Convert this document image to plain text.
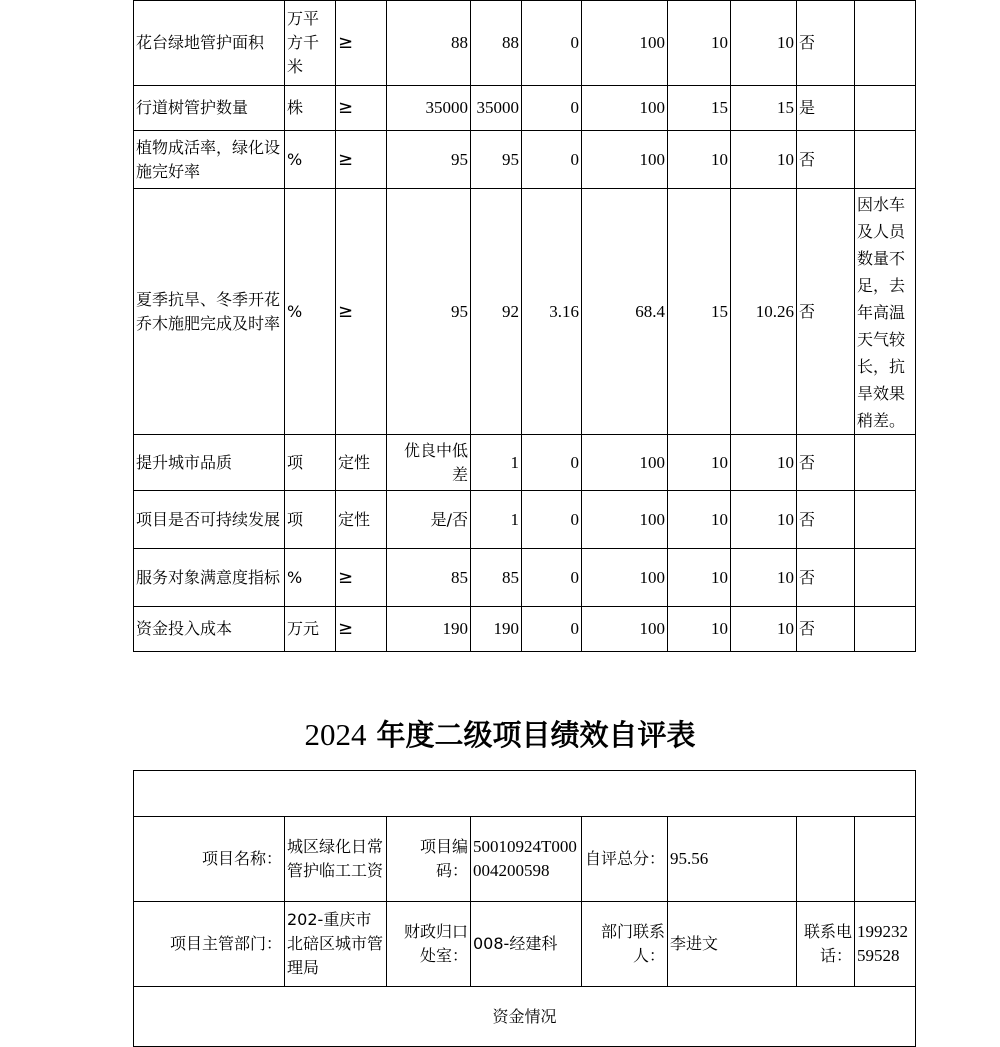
花台绿地管护面积	万平方千米	≥	88	88	0	100	10	10	否	
行道树管护数量	株	≥	35000	35000	0	100	15	15	是	
植物成活率，绿化设施完好率	%	≥	95	95	0	100	10	10	否	
夏季抗旱、冬季开花乔木施肥完成及时率	%	≥	95	92	3.16	68.4	15	10.26	否	因水车及人员数量不足，去年高温天气较长，抗旱效果稍差。
提升城市品质	项	定性	优良中低差	1	0	100	10	10	否	
项目是否可持续发展	项	定性	是/否	1	0	100	10	10	否	
服务对象满意度指标	%	≥	85	85	0	100	10	10	否	
资金投入成本	万元	≥	190	190	0	100	10	10	否	
2024 年度二级项目绩效自评表

项目名称：	城区绿化日常管护临工工资	项目编码：	50010924T000004200598	自评总分：	95.56		
项目主管部门：	202-重庆市北碚区城市管理局	财政归口处室：	008-经建科	部门联系人：	李进文	联系电话：	19923259528
资金情况							
